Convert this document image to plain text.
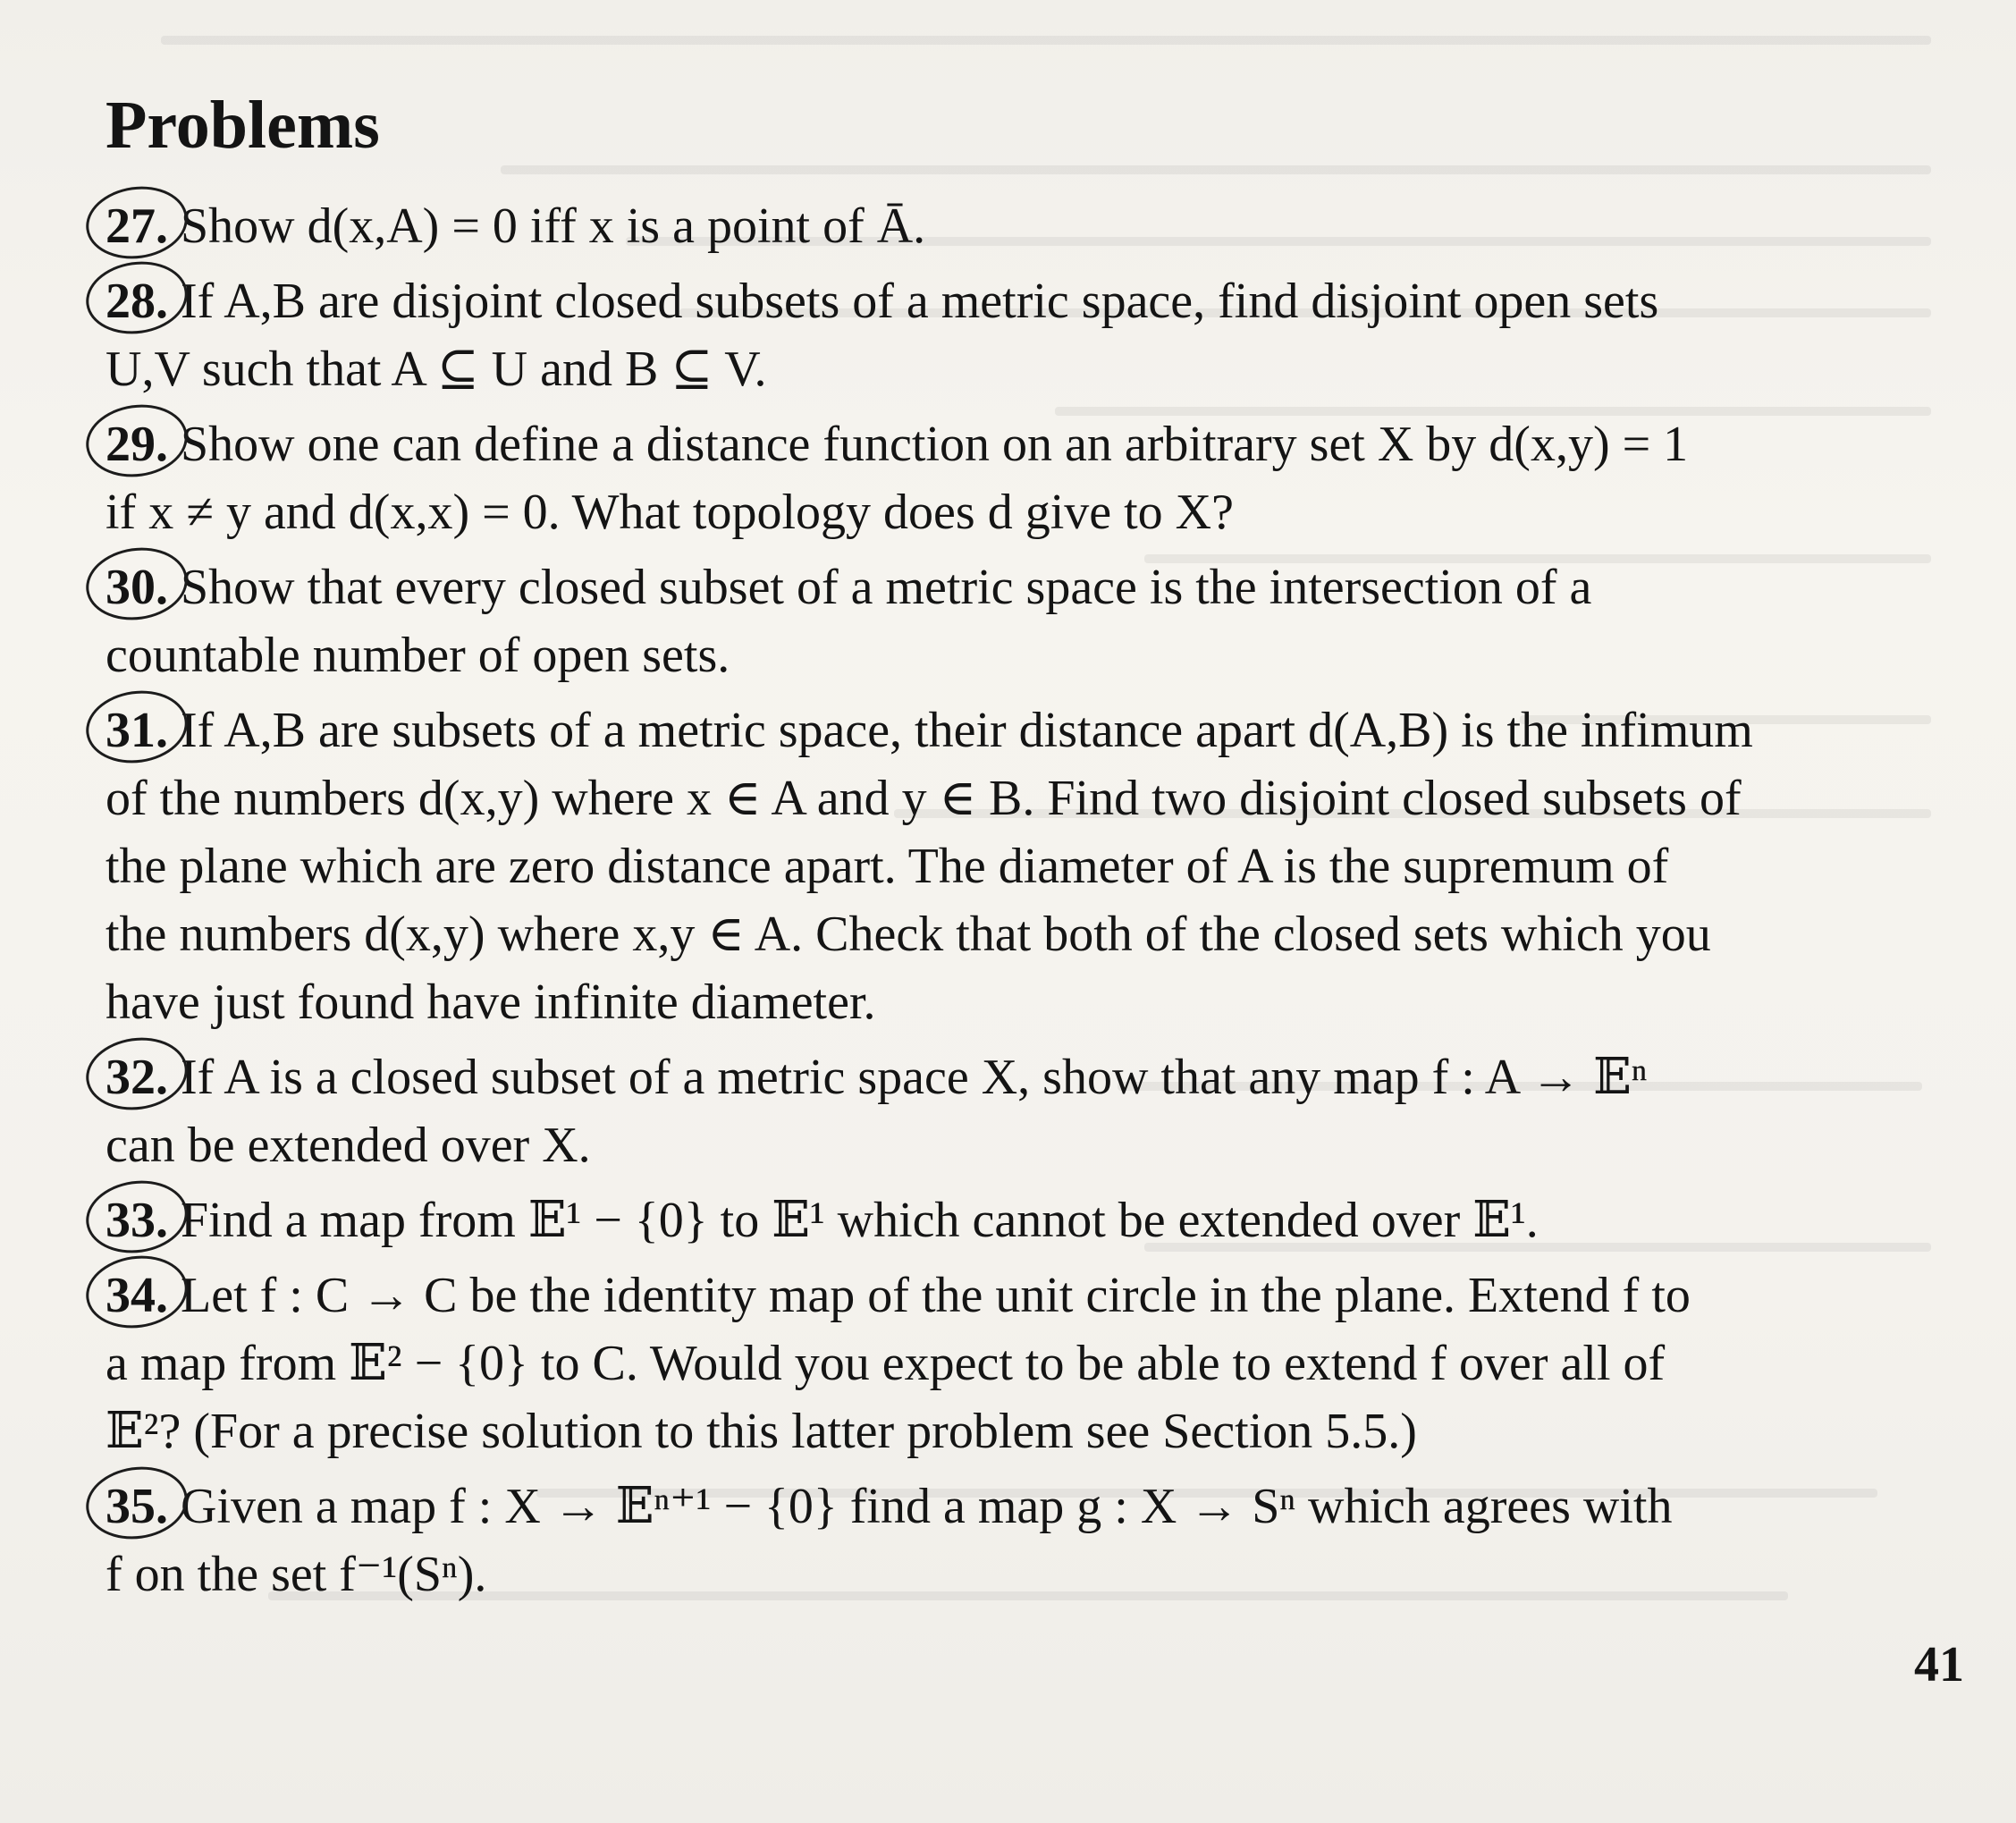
Problems
27. Show d(x,A) = 0 iff x is a point of Ā.
28. If A,B are disjoint closed subsets of a metric space, find disjoint open sets
U,V such that A ⊆ U and B ⊆ V.
29. Show one can define a distance function on an arbitrary set X by d(x,y) = 1
if x ≠ y and d(x,x) = 0. What topology does d give to X?
30. Show that every closed subset of a metric space is the intersection of a
countable number of open sets.
31. If A,B are subsets of a metric space, their distance apart d(A,B) is the infimum
of the numbers d(x,y) where x ∈ A and y ∈ B. Find two disjoint closed subsets of
the plane which are zero distance apart. The diameter of A is the supremum of
the numbers d(x,y) where x,y ∈ A. Check that both of the closed sets which you
have just found have infinite diameter.
32. If A is a closed subset of a metric space X, show that any map f : A → 𝔼ⁿ
can be extended over X.
33. Find a map from 𝔼¹ − {0} to 𝔼¹ which cannot be extended over 𝔼¹.
34. Let f : C → C be the identity map of the unit circle in the plane. Extend f to
a map from 𝔼² − {0} to C. Would you expect to be able to extend f over all of
𝔼²? (For a precise solution to this latter problem see Section 5.5.)
35. Given a map f : X → 𝔼ⁿ⁺¹ − {0} find a map g : X → Sⁿ which agrees with
f on the set f⁻¹(Sⁿ).
41
